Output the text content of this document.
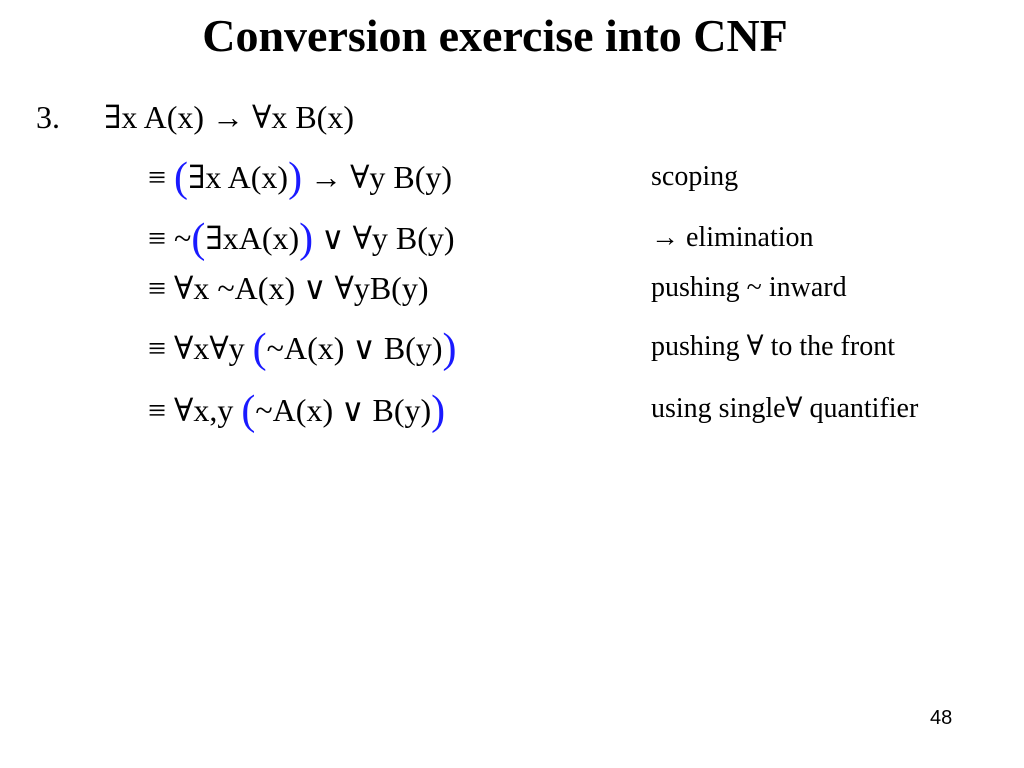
Conversion exercise into CNF
3. ∃x A(x) → ∀x B(x)
≡ (∃x A(x)) → ∀y B(y)	scoping
≡ ~(∃xA(x)) ∨ ∀y B(y)	→ elimination
≡ ∀x ~A(x) ∨ ∀yB(y)	pushing ~ inward
≡ ∀x∀y (~A(x) ∨ B(y))	pushing ∀ to the front
≡ ∀x,y (~A(x) ∨ B(y))	using single∀ quantifier
48
